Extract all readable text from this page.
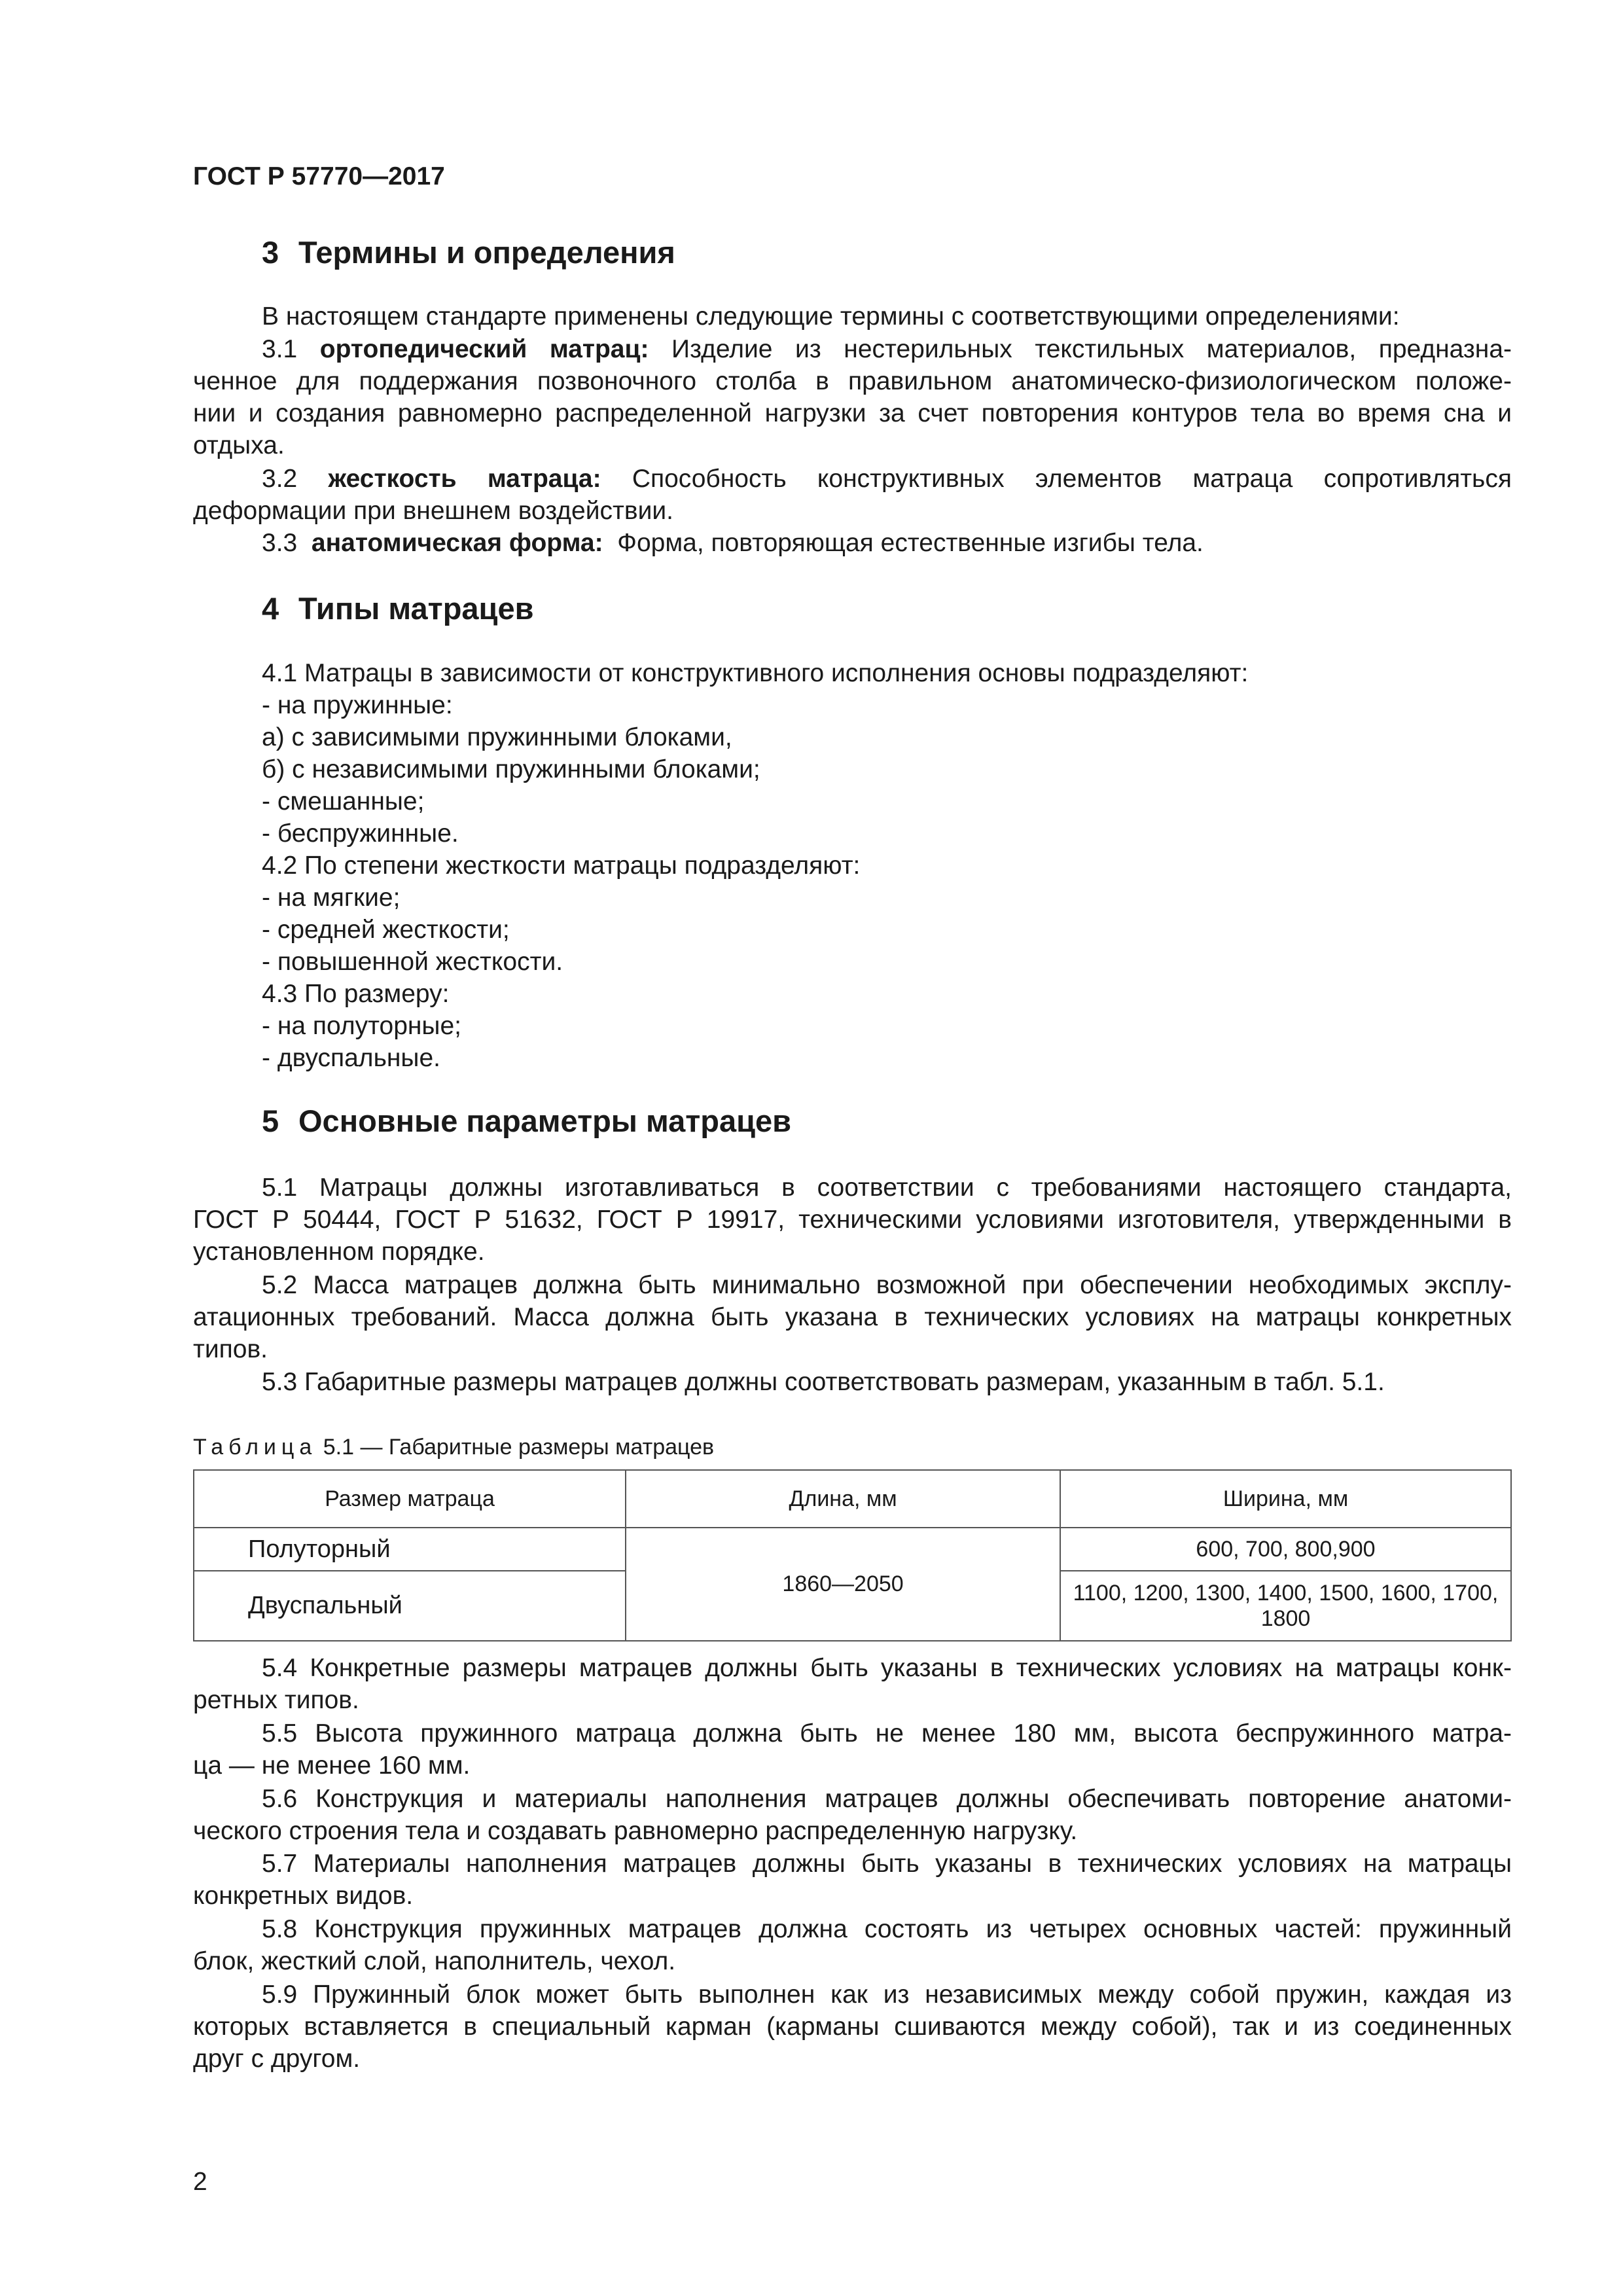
ГОСТ Р 57770—2017
3 Термины и определения
В настоящем стандарте применены следующие термины с соответствующими определениями:
3.1 ортопедический матрац: Изделие из нестерильных текстильных материалов, предназна-
ченное для поддержания позвоночного столба в правильном анатомическо-физиологическом положе-
нии и создания равномерно распределенной нагрузки за счет повторения контуров тела во время сна и
отдыха.
3.2 жесткость матраца: Способность конструктивных элементов матраца сопротивляться
деформации при внешнем воздействии.
3.3 анатомическая форма: Форма, повторяющая естественные изгибы тела.
4 Типы матрацев
4.1 Матрацы в зависимости от конструктивного исполнения основы подразделяют:
- на пружинные:
а) с зависимыми пружинными блоками,
б) с независимыми пружинными блоками;
- смешанные;
- беспружинные.
4.2 По степени жесткости матрацы подразделяют:
- на мягкие;
- средней жесткости;
- повышенной жесткости.
4.3 По размеру:
- на полуторные;
- двуспальные.
5 Основные параметры матрацев
5.1 Матрацы должны изготавливаться в соответствии с требованиями настоящего стандарта,
ГОСТ Р 50444, ГОСТ Р 51632, ГОСТ Р 19917, техническими условиями изготовителя, утвержденными в
установленном порядке.
5.2 Масса матрацев должна быть минимально возможной при обеспечении необходимых эксплу-
атационных требований. Масса должна быть указана в технических условиях на матрацы конкретных
типов.
5.3 Габаритные размеры матрацев должны соответствовать размерам, указанным в табл. 5.1.
Таблица 5.1 — Габаритные размеры матрацев
Размер матраца	Длина, мм	Ширина, мм
Полуторный	1860—2050	600, 700, 800,900
Двуспальный		1100, 1200, 1300, 1400, 1500, 1600, 1700, 1800
5.4 Конкретные размеры матрацев должны быть указаны в технических условиях на матрацы конк-
ретных типов.
5.5 Высота пружинного матраца должна быть не менее 180 мм, высота беспружинного матра-
ца — не менее 160 мм.
5.6 Конструкция и материалы наполнения матрацев должны обеспечивать повторение анатоми-
ческого строения тела и создавать равномерно распределенную нагрузку.
5.7 Материалы наполнения матрацев должны быть указаны в технических условиях на матрацы
конкретных видов.
5.8 Конструкция пружинных матрацев должна состоять из четырех основных частей: пружинный
блок, жесткий слой, наполнитель, чехол.
5.9 Пружинный блок может быть выполнен как из независимых между собой пружин, каждая из
которых вставляется в специальный карман (карманы сшиваются между собой), так и из соединенных
друг с другом.
2
